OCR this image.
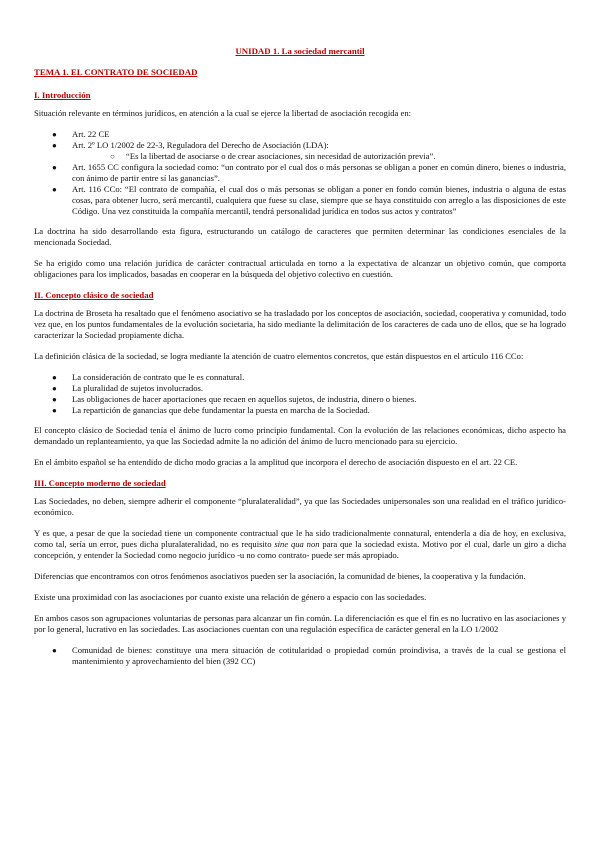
UNIDAD 1. La sociedad mercantil
TEMA 1. EL CONTRATO DE SOCIEDAD
I. Introducción

Situación relevante en términos jurídicos, en atención a la cual se ejerce la libertad de asociación recogida en:

● Art. 22 CE
● Art. 2º LO 1/2002 de 22-3, Reguladora del Derecho de Asociación (LDA):
○ “Es la libertad de asociarse o de crear asociaciones, sin necesidad de autorización previa”.
● Art. 1655 CC configura la sociedad como: “un contrato por el cual dos o más personas se obligan a poner en común dinero, bienes o industria, con ánimo de partir entre sí las ganancias”.
● Art. 116 CCo: “El contrato de compañía, el cual dos o más personas se obligan a poner en fondo común bienes, industria o alguna de estas cosas, para obtener lucro, será mercantil, cualquiera que fuese su clase, siempre que se haya constituido con arreglo a las disposiciones de este Código. Una vez constituida la compañía mercantil, tendrá personalidad jurídica en todos sus actos y contratos”

La doctrina ha sido desarrollando esta figura, estructurando un catálogo de caracteres que permiten determinar las condiciones esenciales de la mencionada Sociedad.

Se ha erigido como una relación jurídica de carácter contractual articulada en torno a la expectativa de alcanzar un objetivo común, que comporta obligaciones para los implicados, basadas en cooperar en la búsqueda del objetivo colectivo en cuestión.

II. Concepto clásico de sociedad

La doctrina de Broseta ha resaltado que el fenómeno asociativo se ha trasladado por los conceptos de asociación, sociedad, cooperativa y comunidad, todo vez que, en los puntos fundamentales de la evolución societaria, ha sido mediante la delimitación de los caracteres de cada uno de ellos, que se ha logrado caracterizar la Sociedad propiamente dicha.

La definición clásica de la sociedad, se logra mediante la atención de cuatro elementos concretos, que están dispuestos en el artículo 116 CCo:

● La consideración de contrato que le es connatural.
● La pluralidad de sujetos involucrados.
● Las obligaciones de hacer aportaciones que recaen en aquellos sujetos, de industria, dinero o bienes.
● La repartición de ganancias que debe fundamentar la puesta en marcha de la Sociedad.

El concepto clásico de Sociedad tenía el ánimo de lucro como principio fundamental. Con la evolución de las relaciones económicas, dicho aspecto ha demandado un replanteamiento, ya que las Sociedad admite la no adición del ánimo de lucro mencionado para su ejercicio.

En el ámbito español se ha entendido de dicho modo gracias a la amplitud que incorpora el derecho de asociación dispuesto en el art. 22 CE.

III. Concepto moderno de sociedad

Las Sociedades, no deben, siempre adherir el componente “pluralateralidad”, ya que las Sociedades unipersonales son una realidad en el tráfico jurídico-económico.

Y es que, a pesar de que la sociedad tiene un componente contractual que le ha sido tradicionalmente connatural, entenderla a día de hoy, en exclusiva, como tal, sería un error, pues dicha pluralateralidad, no es requisito sine qua non para que la sociedad exista. Motivo por el cual, darle un giro a dicha concepción, y entender la Sociedad como negocio jurídico -u no como contrato- puede ser más apropiado.

Diferencias que encontramos con otros fenómenos asociativos pueden ser la asociación, la comunidad de bienes, la cooperativa y la fundación.

Existe una proximidad con las asociaciones por cuanto existe una relación de género a espacio con las sociedades.

En ambos casos son agrupaciones voluntarias de personas para alcanzar un fin común. La diferenciación es que el fin es no lucrativo en las asociaciones y por lo general, lucrativo en las sociedades. Las asociaciones cuentan con una regulación específica de carácter general en la LO 1/2002

● Comunidad de bienes: constituye una mera situación de cotitularidad o propiedad común proindivisa, a través de la cual se gestiona el mantenimiento y aprovechamiento del bien (392 CC)
